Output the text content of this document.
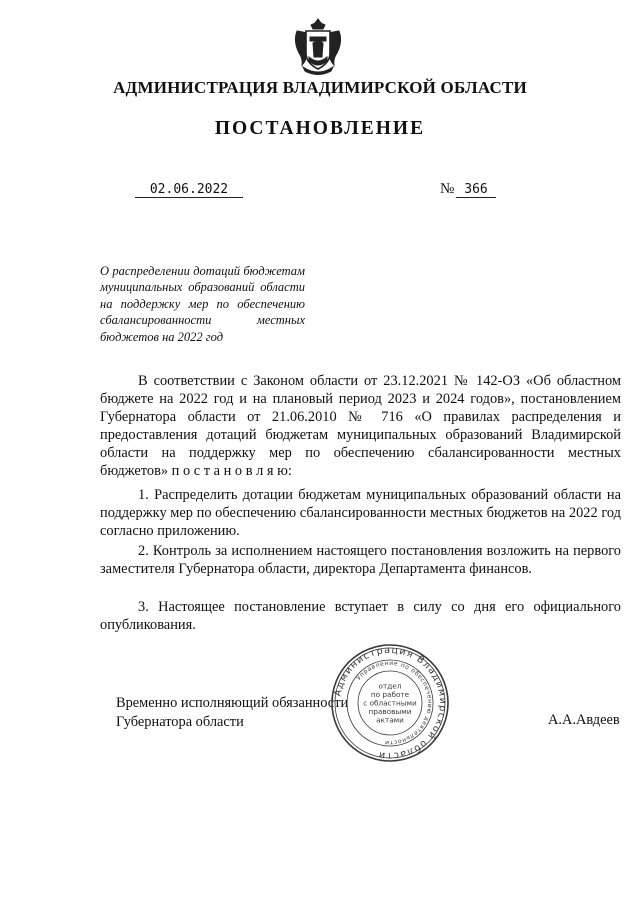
АДМИНИСТРАЦИЯ ВЛАДИМИРСКОЙ ОБЛАСТИ
ПОСТАНОВЛЕНИЕ
02.06.2022	№ 366
О распределении дотаций бюджетам муниципальных образований области на поддержку мер по обеспечению сбалансированности местных бюджетов на 2022 год

В соответствии с Законом области от 23.12.2021 № 142-ОЗ «Об областном бюджете на 2022 год и на плановый период 2023 и 2024 годов», постановлением Губернатора области от 21.06.2010 № 716 «О правилах распределения и предоставления дотаций бюджетам муниципальных образований Владимирской области на поддержку мер по обеспечению сбалансированности местных бюджетов» п о с т а н о в л я ю:

1. Распределить дотации бюджетам муниципальных образований области на поддержку мер по обеспечению сбалансированности местных бюджетов на 2022 год согласно приложению.

2. Контроль за исполнением настоящего постановления возложить на первого заместителя Губернатора области, директора Департамента финансов.

3. Настоящее постановление вступает в силу со дня его официального опубликования.

Временно исполняющий обязанности
Губернатора области	А.А.Авдеев
Администрация Владимирской области
Управление по обеспечению деятельности
отдел
по работе
с областными
правовыми
актами
